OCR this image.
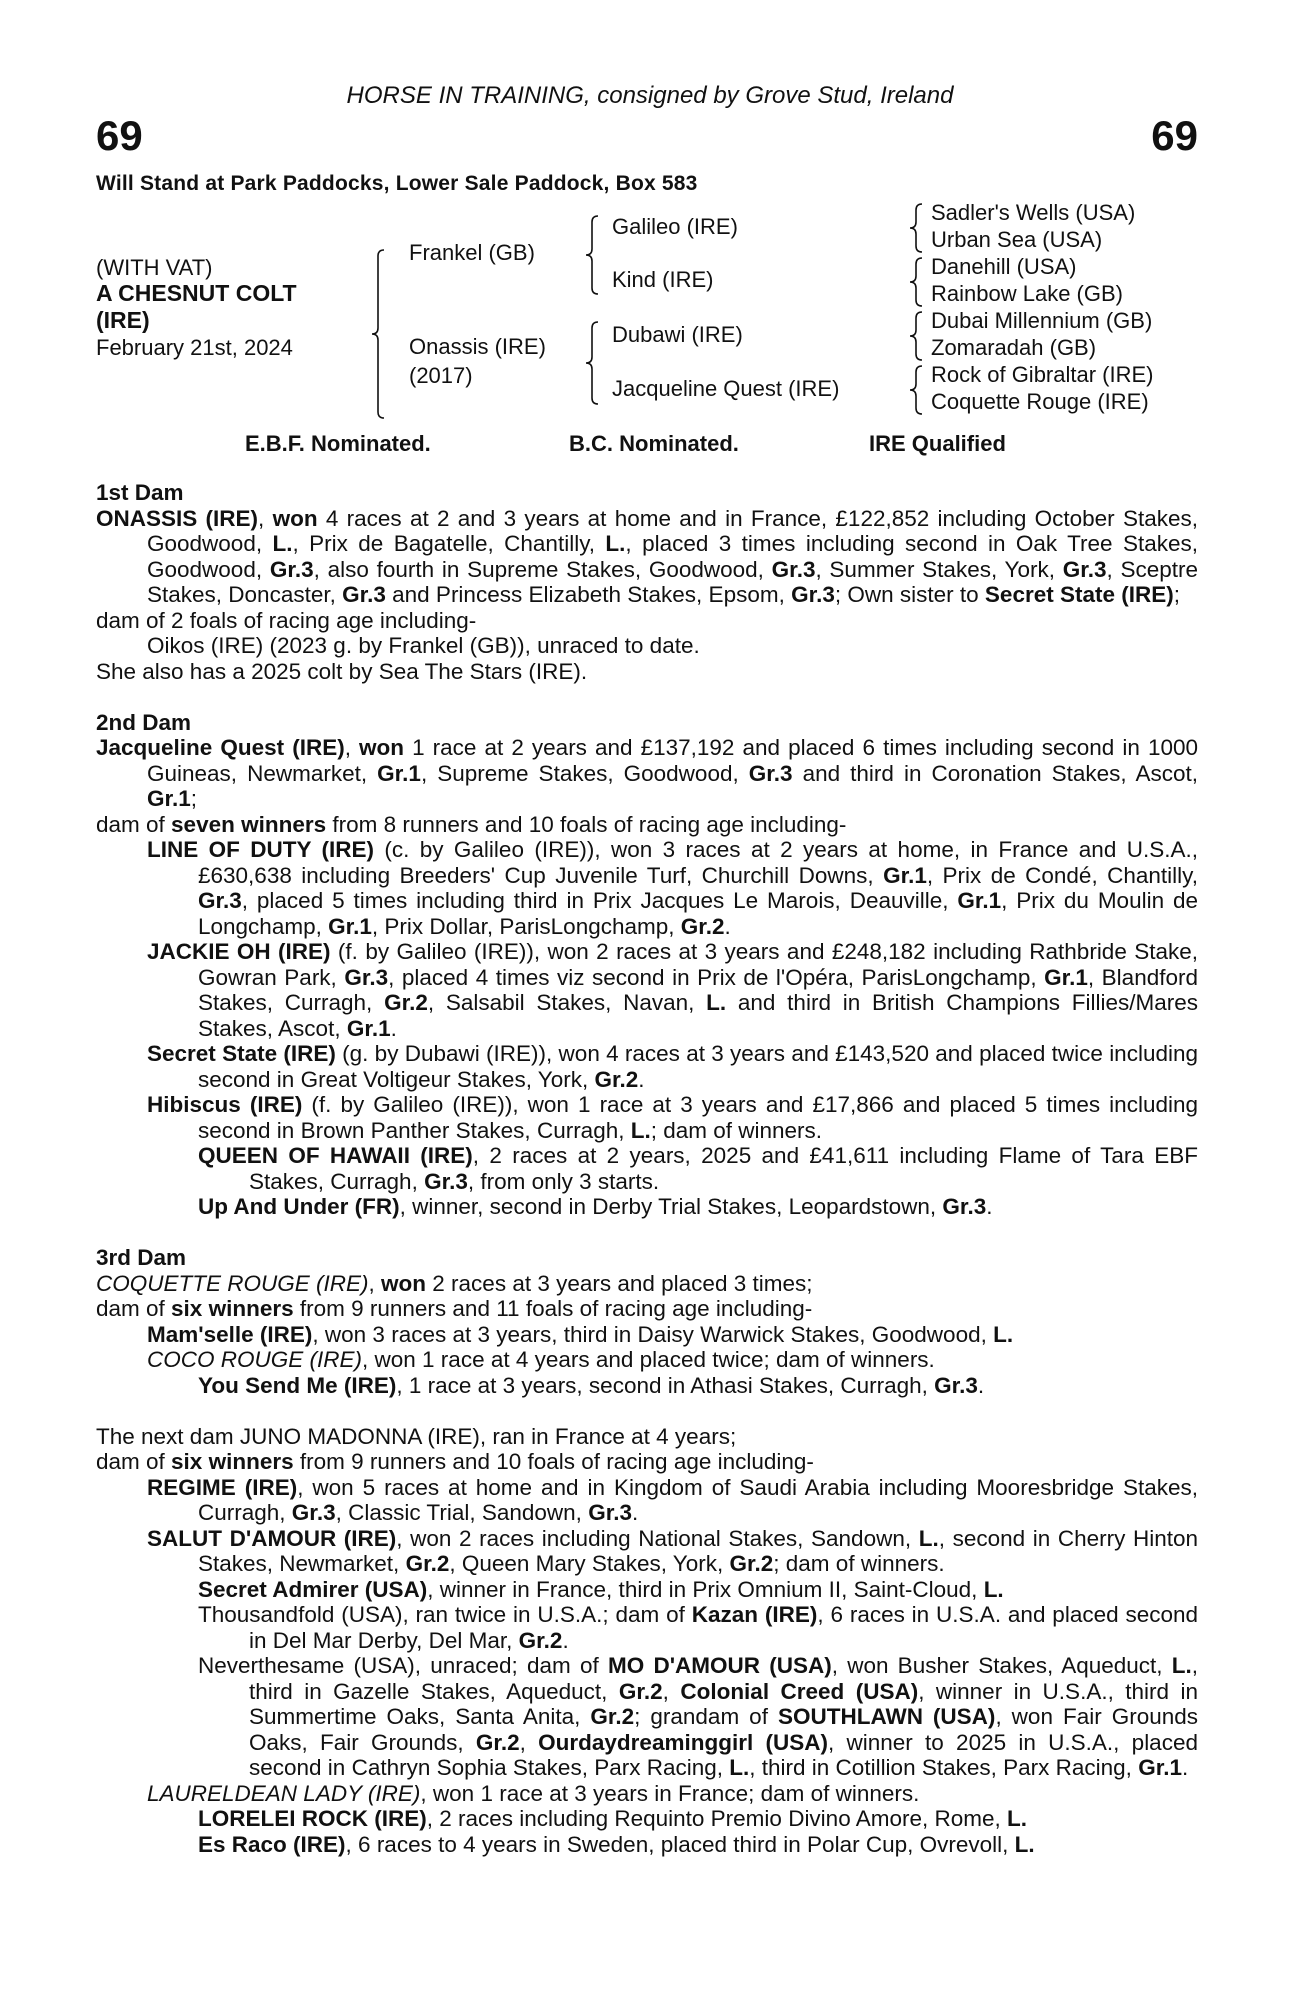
HORSE IN TRAINING, consigned by Grove Stud, Ireland
69	69
Will Stand at Park Paddocks, Lower Sale Paddock, Box 583
(WITH VAT)
A CHESNUT COLT
(IRE)
February 21st, 2024
Frankel (GB)
Onassis (IRE)
(2017)
Galileo (IRE)
Kind (IRE)
Dubawi (IRE)
Jacqueline Quest (IRE)
Sadler's Wells (USA)
Urban Sea (USA)
Danehill (USA)
Rainbow Lake (GB)
Dubai Millennium (GB)
Zomaradah (GB)
Rock of Gibraltar (IRE)
Coquette Rouge (IRE)
E.B.F. Nominated.	B.C. Nominated.	IRE Qualified
1st Dam
ONASSIS (IRE), won 4 races at 2 and 3 years at home and in France, £122,852 including October Stakes, Goodwood, L., Prix de Bagatelle, Chantilly, L., placed 3 times including second in Oak Tree Stakes, Goodwood, Gr.3, also fourth in Supreme Stakes, Goodwood, Gr.3, Summer Stakes, York, Gr.3, Sceptre Stakes, Doncaster, Gr.3 and Princess Elizabeth Stakes, Epsom, Gr.3; Own sister to Secret State (IRE);
dam of 2 foals of racing age including-
Oikos (IRE) (2023 g. by Frankel (GB)), unraced to date.
She also has a 2025 colt by Sea The Stars (IRE).
2nd Dam
Jacqueline Quest (IRE), won 1 race at 2 years and £137,192 and placed 6 times including second in 1000 Guineas, Newmarket, Gr.1, Supreme Stakes, Goodwood, Gr.3 and third in Coronation Stakes, Ascot, Gr.1;
dam of seven winners from 8 runners and 10 foals of racing age including-
LINE OF DUTY (IRE) (c. by Galileo (IRE)), won 3 races at 2 years at home, in France and U.S.A., £630,638 including Breeders' Cup Juvenile Turf, Churchill Downs, Gr.1, Prix de Condé, Chantilly, Gr.3, placed 5 times including third in Prix Jacques Le Marois, Deauville, Gr.1, Prix du Moulin de Longchamp, Gr.1, Prix Dollar, ParisLongchamp, Gr.2.
JACKIE OH (IRE) (f. by Galileo (IRE)), won 2 races at 3 years and £248,182 including Rathbride Stake, Gowran Park, Gr.3, placed 4 times viz second in Prix de l'Opéra, ParisLongchamp, Gr.1, Blandford Stakes, Curragh, Gr.2, Salsabil Stakes, Navan, L. and third in British Champions Fillies/Mares Stakes, Ascot, Gr.1.
Secret State (IRE) (g. by Dubawi (IRE)), won 4 races at 3 years and £143,520 and placed twice including second in Great Voltigeur Stakes, York, Gr.2.
Hibiscus (IRE) (f. by Galileo (IRE)), won 1 race at 3 years and £17,866 and placed 5 times including second in Brown Panther Stakes, Curragh, L.; dam of winners.
QUEEN OF HAWAII (IRE), 2 races at 2 years, 2025 and £41,611 including Flame of Tara EBF Stakes, Curragh, Gr.3, from only 3 starts.
Up And Under (FR), winner, second in Derby Trial Stakes, Leopardstown, Gr.3.
3rd Dam
COQUETTE ROUGE (IRE), won 2 races at 3 years and placed 3 times;
dam of six winners from 9 runners and 11 foals of racing age including-
Mam'selle (IRE), won 3 races at 3 years, third in Daisy Warwick Stakes, Goodwood, L.
COCO ROUGE (IRE), won 1 race at 4 years and placed twice; dam of winners.
You Send Me (IRE), 1 race at 3 years, second in Athasi Stakes, Curragh, Gr.3.
The next dam JUNO MADONNA (IRE), ran in France at 4 years;
dam of six winners from 9 runners and 10 foals of racing age including-
REGIME (IRE), won 5 races at home and in Kingdom of Saudi Arabia including Mooresbridge Stakes, Curragh, Gr.3, Classic Trial, Sandown, Gr.3.
SALUT D'AMOUR (IRE), won 2 races including National Stakes, Sandown, L., second in Cherry Hinton Stakes, Newmarket, Gr.2, Queen Mary Stakes, York, Gr.2; dam of winners.
Secret Admirer (USA), winner in France, third in Prix Omnium II, Saint-Cloud, L.
Thousandfold (USA), ran twice in U.S.A.; dam of Kazan (IRE), 6 races in U.S.A. and placed second in Del Mar Derby, Del Mar, Gr.2.
Neverthesame (USA), unraced; dam of MO D'AMOUR (USA), won Busher Stakes, Aqueduct, L., third in Gazelle Stakes, Aqueduct, Gr.2, Colonial Creed (USA), winner in U.S.A., third in Summertime Oaks, Santa Anita, Gr.2; grandam of SOUTHLAWN (USA), won Fair Grounds Oaks, Fair Grounds, Gr.2, Ourdaydreaminggirl (USA), winner to 2025 in U.S.A., placed second in Cathryn Sophia Stakes, Parx Racing, L., third in Cotillion Stakes, Parx Racing, Gr.1.
LAURELDEAN LADY (IRE), won 1 race at 3 years in France; dam of winners.
LORELEI ROCK (IRE), 2 races including Requinto Premio Divino Amore, Rome, L.
Es Raco (IRE), 6 races to 4 years in Sweden, placed third in Polar Cup, Ovrevoll, L.
